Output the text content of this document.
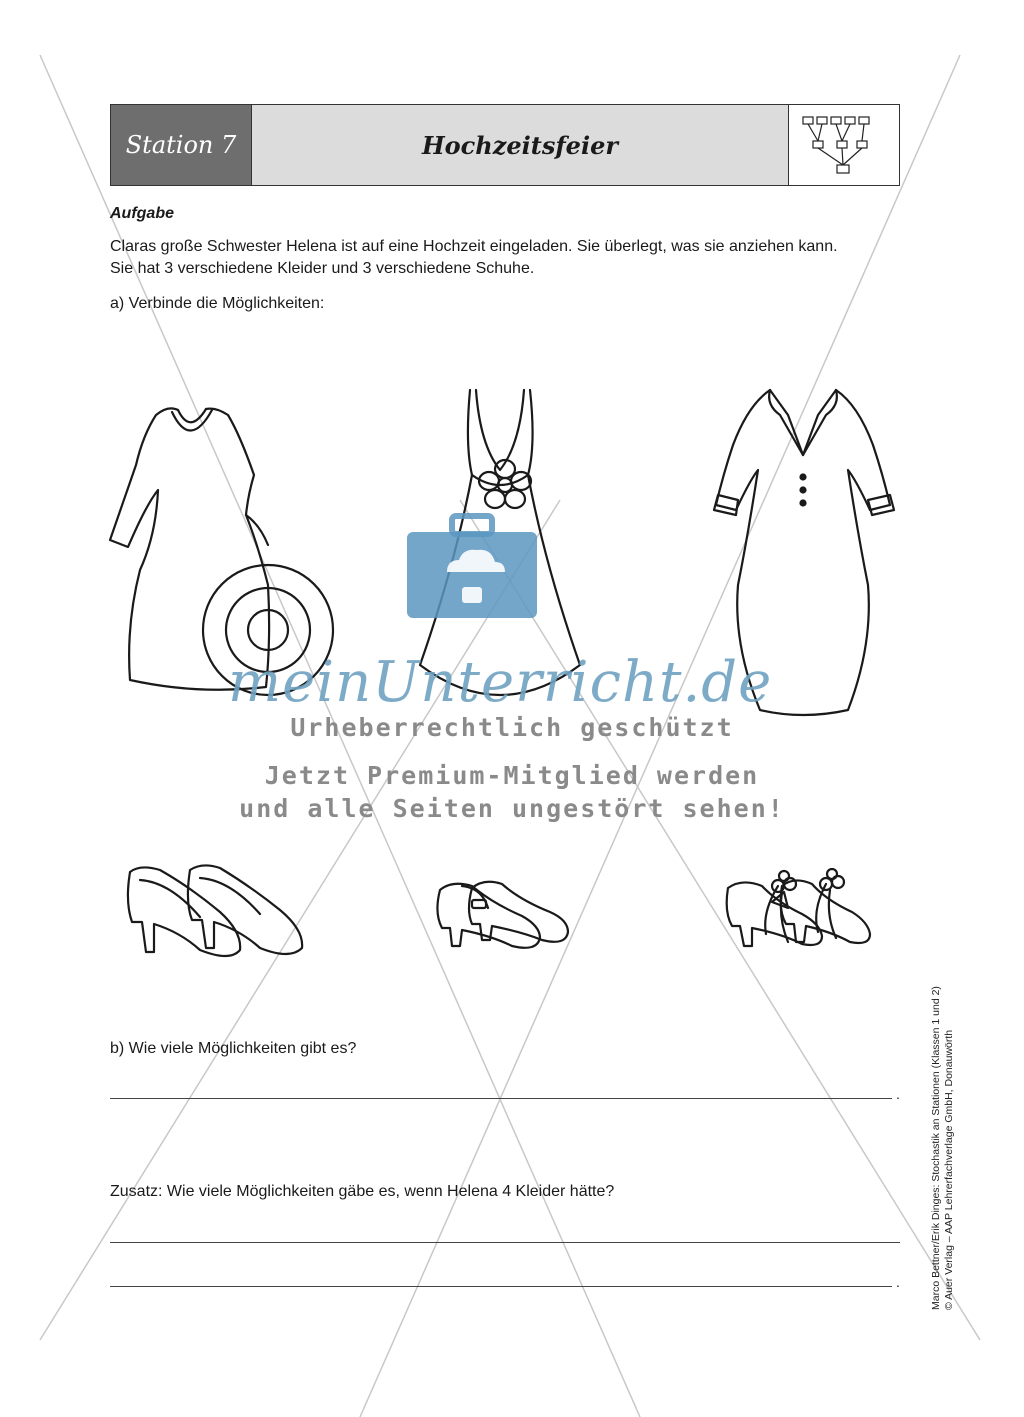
Station 7	Hochzeitsfeier
Aufgabe
Claras große Schwester Helena ist auf eine Hochzeit eingeladen. Sie überlegt, was sie anziehen kann.
Sie hat 3 verschiedene Kleider und 3 verschiedene Schuhe.
a) Verbinde die Möglichkeiten:
meinUnterricht.de
Urheberrechtlich geschützt
Jetzt Premium-Mitglied werden
und alle Seiten ungestört sehen!
b) Wie viele Möglichkeiten gibt es?
.
Zusatz: Wie viele Möglichkeiten gäbe es, wenn Helena 4 Kleider hätte?
.	Marco Bettner/Erik Dinges: Stochastik an Stationen (Klassen 1 und 2) © Auer Verlag – AAP Lehrerfachverlage GmbH, Donauwörth
